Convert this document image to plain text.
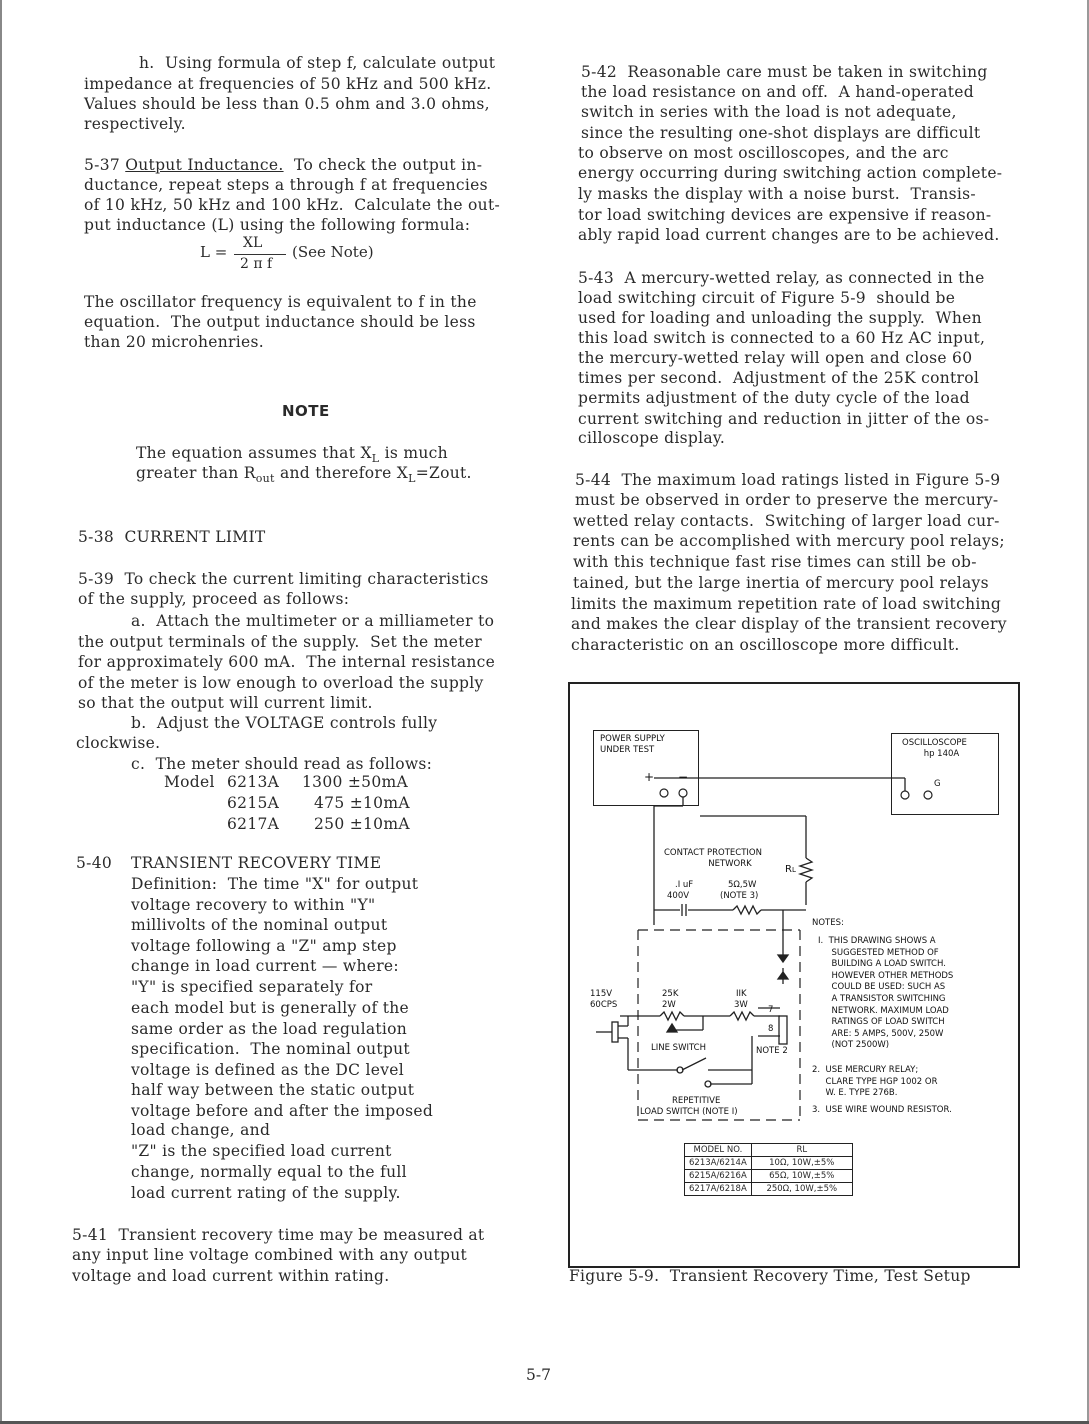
h.  Using formula of step f, calculate output
impedance at frequencies of 50 kHz and 500 kHz.
Values should be less than 0.5 ohm and 3.0 ohms,
respectively.
5-37 Output Inductance.  To check the output in-
ductance, repeat steps a through f at frequencies
of 10 kHz, 50 kHz and 100 kHz.  Calculate the out-
put inductance (L) using the following formula:
L = XL
2 π f
(See Note)
The oscillator frequency is equivalent to f in the
equation.  The output inductance should be less
than 20 microhenries.
NOTE
The equation assumes that $X_L$ is much
greater than $R_{out}$ and therefore $X_L=Zout$.
5-38  CURRENT LIMIT
5-39  To check the current limiting characteristics
of the supply, proceed as follows:
a.  Attach the multimeter or a milliameter to
the output terminals of the supply.  Set the meter
for approximately 600 mA.  The internal resistance
of the meter is low enough to overload the supply
so that the output will current limit.
b.  Adjust the VOLTAGE controls fully
clockwise.
c.  The meter should read as follows:
Model 6213A 1300 ±50mA
6215A 475 ±10mA
6217A 250 ±10mA
5-40 TRANSIENT RECOVERY TIME
Definition:  The time "X" for output
voltage recovery to within "Y"
millivolts of the nominal output
voltage following a "Z" amp step
change in load current — where:
"Y" is specified separately for
each model but is generally of the
same order as the load regulation
specification.  The nominal output
voltage is defined as the DC level
half way between the static output
voltage before and after the imposed
load change, and
"Z" is the specified load current
change, normally equal to the full
load current rating of the supply.
5-41  Transient recovery time may be measured at
any input line voltage combined with any output
voltage and load current within rating.
5-42  Reasonable care must be taken in switching
the load resistance on and off.  A hand-operated
switch in series with the load is not adequate,
since the resulting one-shot displays are difficult
to observe on most oscilloscopes, and the arc
energy occurring during switching action complete-
ly masks the display with a noise burst.  Transis-
tor load switching devices are expensive if reason-
ably rapid load current changes are to be achieved.
5-43  A mercury-wetted relay, as connected in the
load switching circuit of Figure 5-9  should be
used for loading and unloading the supply.  When
this load switch is connected to a 60 Hz AC input,
the mercury-wetted relay will open and close 60
times per second.  Adjustment of the 25K control
permits adjustment of the duty cycle of the load
current switching and reduction in jitter of the os-
cilloscope display.
5-44  The maximum load ratings listed in Figure 5-9
must be observed in order to preserve the mercury-
wetted relay contacts.  Switching of larger load cur-
rents can be accomplished with mercury pool relays;
with this technique fast rise times can still be ob-
tained, but the large inertia of mercury pool relays
limits the maximum repetition rate of load switching
and makes the clear display of the transient recovery
characteristic on an oscilloscope more difficult.
POWER SUPPLY
UNDER TEST
+ −
OSCILLOSCOPE
hp 140A
G
CONTACT PROTECTION
NETWORK	RL
.I uF
400V
5Ω,5W
(NOTE 3)
115V
60CPS
25K
2W
IIK
3W 7
8
LINE SWITCH	NOTE 2
REPETITIVE
LOAD SWITCH (NOTE I)
NOTES:
I.  THIS DRAWING SHOWS A
SUGGESTED METHOD OF
BUILDING A LOAD SWITCH.
HOWEVER OTHER METHODS
COULD BE USED: SUCH AS
A TRANSISTOR SWITCHING
NETWORK. MAXIMUM LOAD
RATINGS OF LOAD SWITCH
ARE: 5 AMPS, 500V, 250W
(NOT 2500W)
2.  USE MERCURY RELAY;
CLARE TYPE HGP 1002 OR
W. E. TYPE 276B.
3.  USE WIRE WOUND RESISTOR.
MODEL NO.	RL
6213A/6214A	10Ω, 10W,±5%
6215A/6216A	65Ω, 10W,±5%
6217A/6218A	250Ω, 10W,±5%
Figure 5-9.  Transient Recovery Time, Test Setup
5-7
